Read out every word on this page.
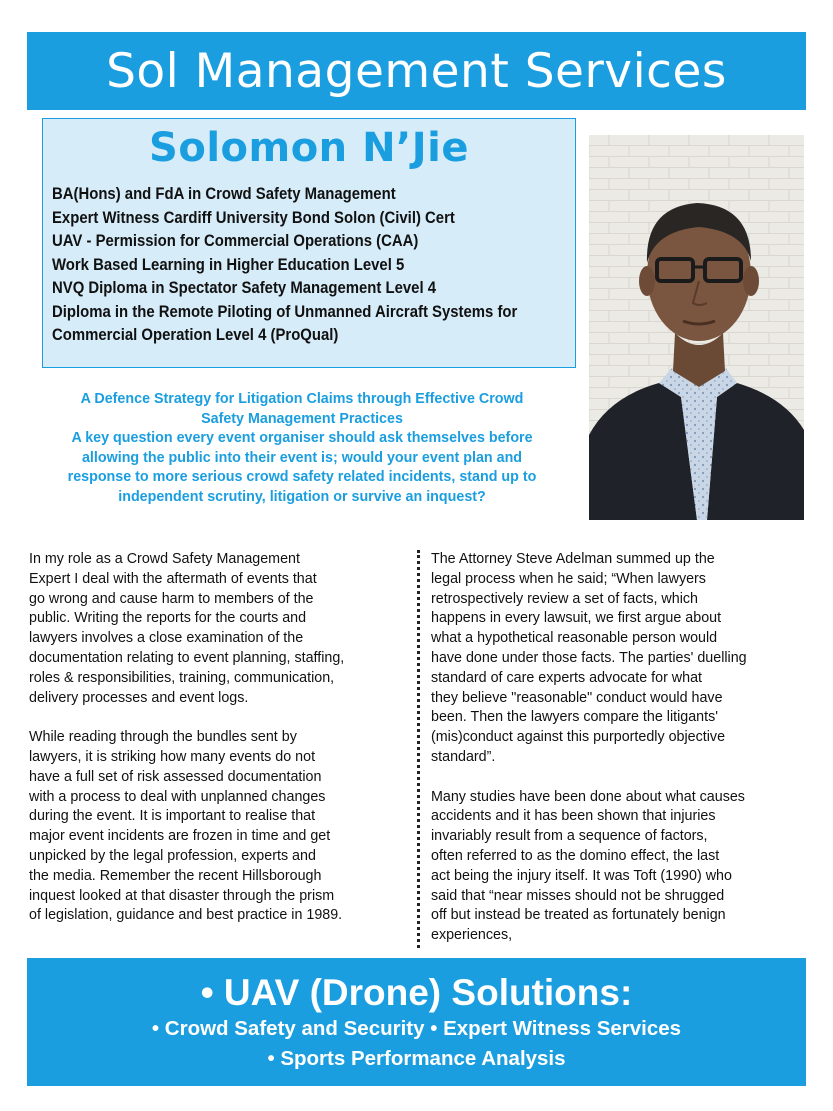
Sol Management Services
Solomon N’Jie
BA(Hons) and FdA in Crowd Safety Management
Expert Witness Cardiff University Bond Solon (Civil) Cert
UAV - Permission for Commercial Operations (CAA)
Work Based Learning in Higher Education Level 5
NVQ Diploma in Spectator Safety Management Level 4
Diploma in the Remote Piloting of Unmanned Aircraft Systems for
Commercial Operation Level 4 (ProQual)
A Defence Strategy for Litigation Claims through Effective Crowd
Safety Management Practices
A key question every event organiser should ask themselves before
allowing the public into their event is; would your event plan and
response to more serious crowd safety related incidents, stand up to
independent scrutiny, litigation or survive an inquest?

In my role as a Crowd Safety Management
Expert I deal with the aftermath of events that
go wrong and cause harm to members of the
public. Writing the reports for the courts and
lawyers involves a close examination of the
documentation relating to event planning, staffing,
roles & responsibilities, training, communication,
delivery processes and event logs.

While reading through the bundles sent by
lawyers, it is striking how many events do not
have a full set of risk assessed documentation
with a process to deal with unplanned changes
during the event. It is important to realise that
major event incidents are frozen in time and get
unpicked by the legal profession, experts and
the media. Remember the recent Hillsborough
inquest looked at that disaster through the prism
of legislation, guidance and best practice in 1989.

The Attorney Steve Adelman summed up the
legal process when he said; “When lawyers
retrospectively review a set of facts, which
happens in every lawsuit, we first argue about
what a hypothetical reasonable person would
have done under those facts. The parties' duelling
standard of care experts advocate for what
they believe "reasonable" conduct would have
been. Then the lawyers compare the litigants'
(mis)conduct against this purportedly objective
standard”.

Many studies have been done about what causes
accidents and it has been shown that injuries
invariably result from a sequence of factors,
often referred to as the domino effect, the last
act being the injury itself. It was Toft (1990) who
said that “near misses should not be shrugged
off but instead be treated as fortunately benign
experiences,

• UAV (Drone) Solutions:
• Crowd Safety and Security • Expert Witness Services
• Sports Performance Analysis
